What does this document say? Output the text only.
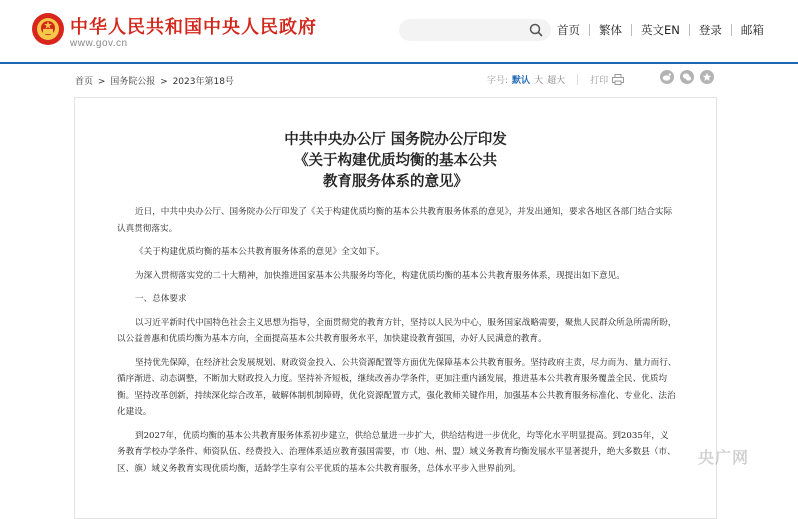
中华人民共和国中央人民政府
www.gov.cn
首页	繁体	英文EN	登录	邮箱
首页 > 国务院公报 > 2023年第18号	字号: 默认 大 超大	打印
中共中央办公厅 国务院办公厅印发
《关于构建优质均衡的基本公共
教育服务体系的意见》

近日，中共中央办公厅、国务院办公厅印发了《关于构建优质均衡的基本公共教育服务体系的意见》，并发出通知，要求各地区各部门结合实际认真贯彻落实。

《关于构建优质均衡的基本公共教育服务体系的意见》全文如下。

为深入贯彻落实党的二十大精神，加快推进国家基本公共服务均等化，构建优质均衡的基本公共教育服务体系，现提出如下意见。

一、总体要求

以习近平新时代中国特色社会主义思想为指导，全面贯彻党的教育方针，坚持以人民为中心，服务国家战略需要，聚焦人民群众所急所需所盼，以公益普惠和优质均衡为基本方向，全面提高基本公共教育服务水平，加快建设教育强国，办好人民满意的教育。

坚持优先保障，在经济社会发展规划、财政资金投入、公共资源配置等方面优先保障基本公共教育服务。坚持政府主责，尽力而为、量力而行、循序渐进、动态调整，不断加大财政投入力度。坚持补齐短板，继续改善办学条件，更加注重内涵发展，推进基本公共教育服务覆盖全民、优质均衡。坚持改革创新，持续深化综合改革，破解体制机制障碍，优化资源配置方式，强化教师关键作用，加强基本公共教育服务标准化、专业化、法治化建设。

到2027年，优质均衡的基本公共教育服务体系初步建立，供给总量进一步扩大，供给结构进一步优化，均等化水平明显提高。到2035年，义务教育学校办学条件、师资队伍、经费投入、治理体系适应教育强国需要，市（地、州、盟）域义务教育均衡发展水平显著提升，绝大多数县（市、区、旗）域义务教育实现优质均衡，适龄学生享有公平优质的基本公共教育服务，总体水平步入世界前列。

央广网
